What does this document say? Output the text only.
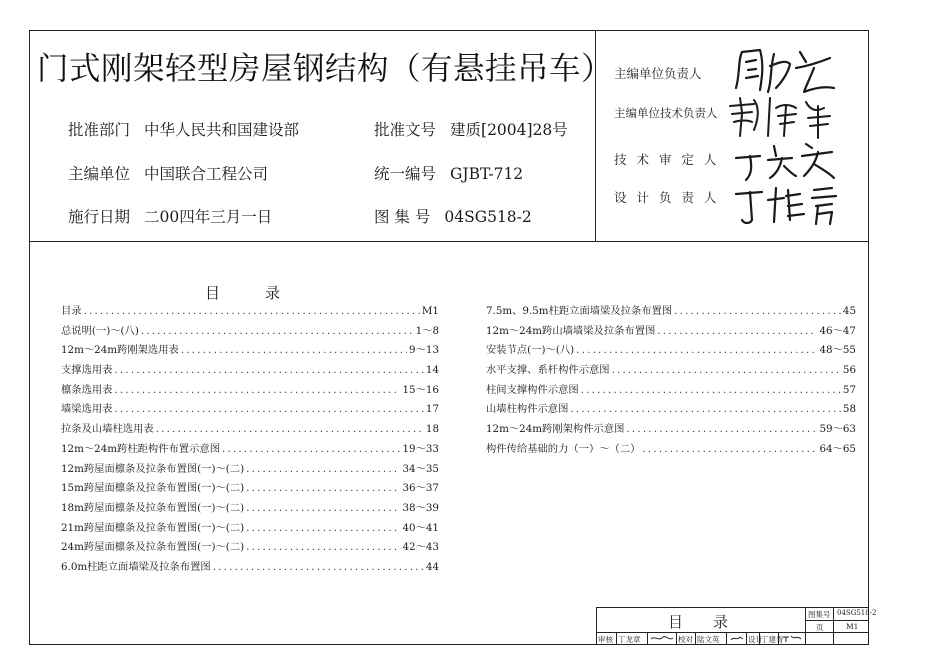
门式刚架轻型房屋钢结构（有悬挂吊车）
批准部门 中华人民共和国建设部
主编单位 中国联合工程公司
施行日期 二00四年三月一日
批准文号 建质[2004]28号
统一编号 GJBT-712
图 集 号 04SG518-2
主编单位负责人
主编单位技术负责人
技 术 审 定 人
设 计 负 责 人
目　　　录
目录 .....	M1
总说明(一)～(八) .....	1～8
12m～24m跨刚架选用表 .....	9～13
支撑选用表 .....	14
檩条选用表 .....	15～16
墙梁选用表 .....	17
拉条及山墙柱选用表 .....	18
12m～24m跨柱距构件布置示意图 .....	19～33
12m跨屋面檩条及拉条布置图(一)～(二) .....	34～35
15m跨屋面檩条及拉条布置图(一)～(二) .....	36～37
18m跨屋面檩条及拉条布置图(一)～(二) .....	38～39
21m跨屋面檩条及拉条布置图(一)～(二) .....	40～41
24m跨屋面檩条及拉条布置图(一)～(二) .....	42～43
6.0m柱距立面墙梁及拉条布置图 .....	44
7.5m、9.5m柱距立面墙梁及拉条布置图 .....	45
12m～24m跨山墙墙梁及拉条布置图 .....	46～47
安装节点(一)～(八) .....	48～55
水平支撑、系杆构件示意图 .....	56
柱间支撑构件示意图 .....	57
山墙柱构件示意图 .....	58
12m～24m跨刚架构件示意图 .....	59～63
构件传给基础的力（一）～（二） .....	64～65
目　　录	图集号 04SG518-2
页	M1
审核 丁龙章	校对 陆文英	设计
丁建青
